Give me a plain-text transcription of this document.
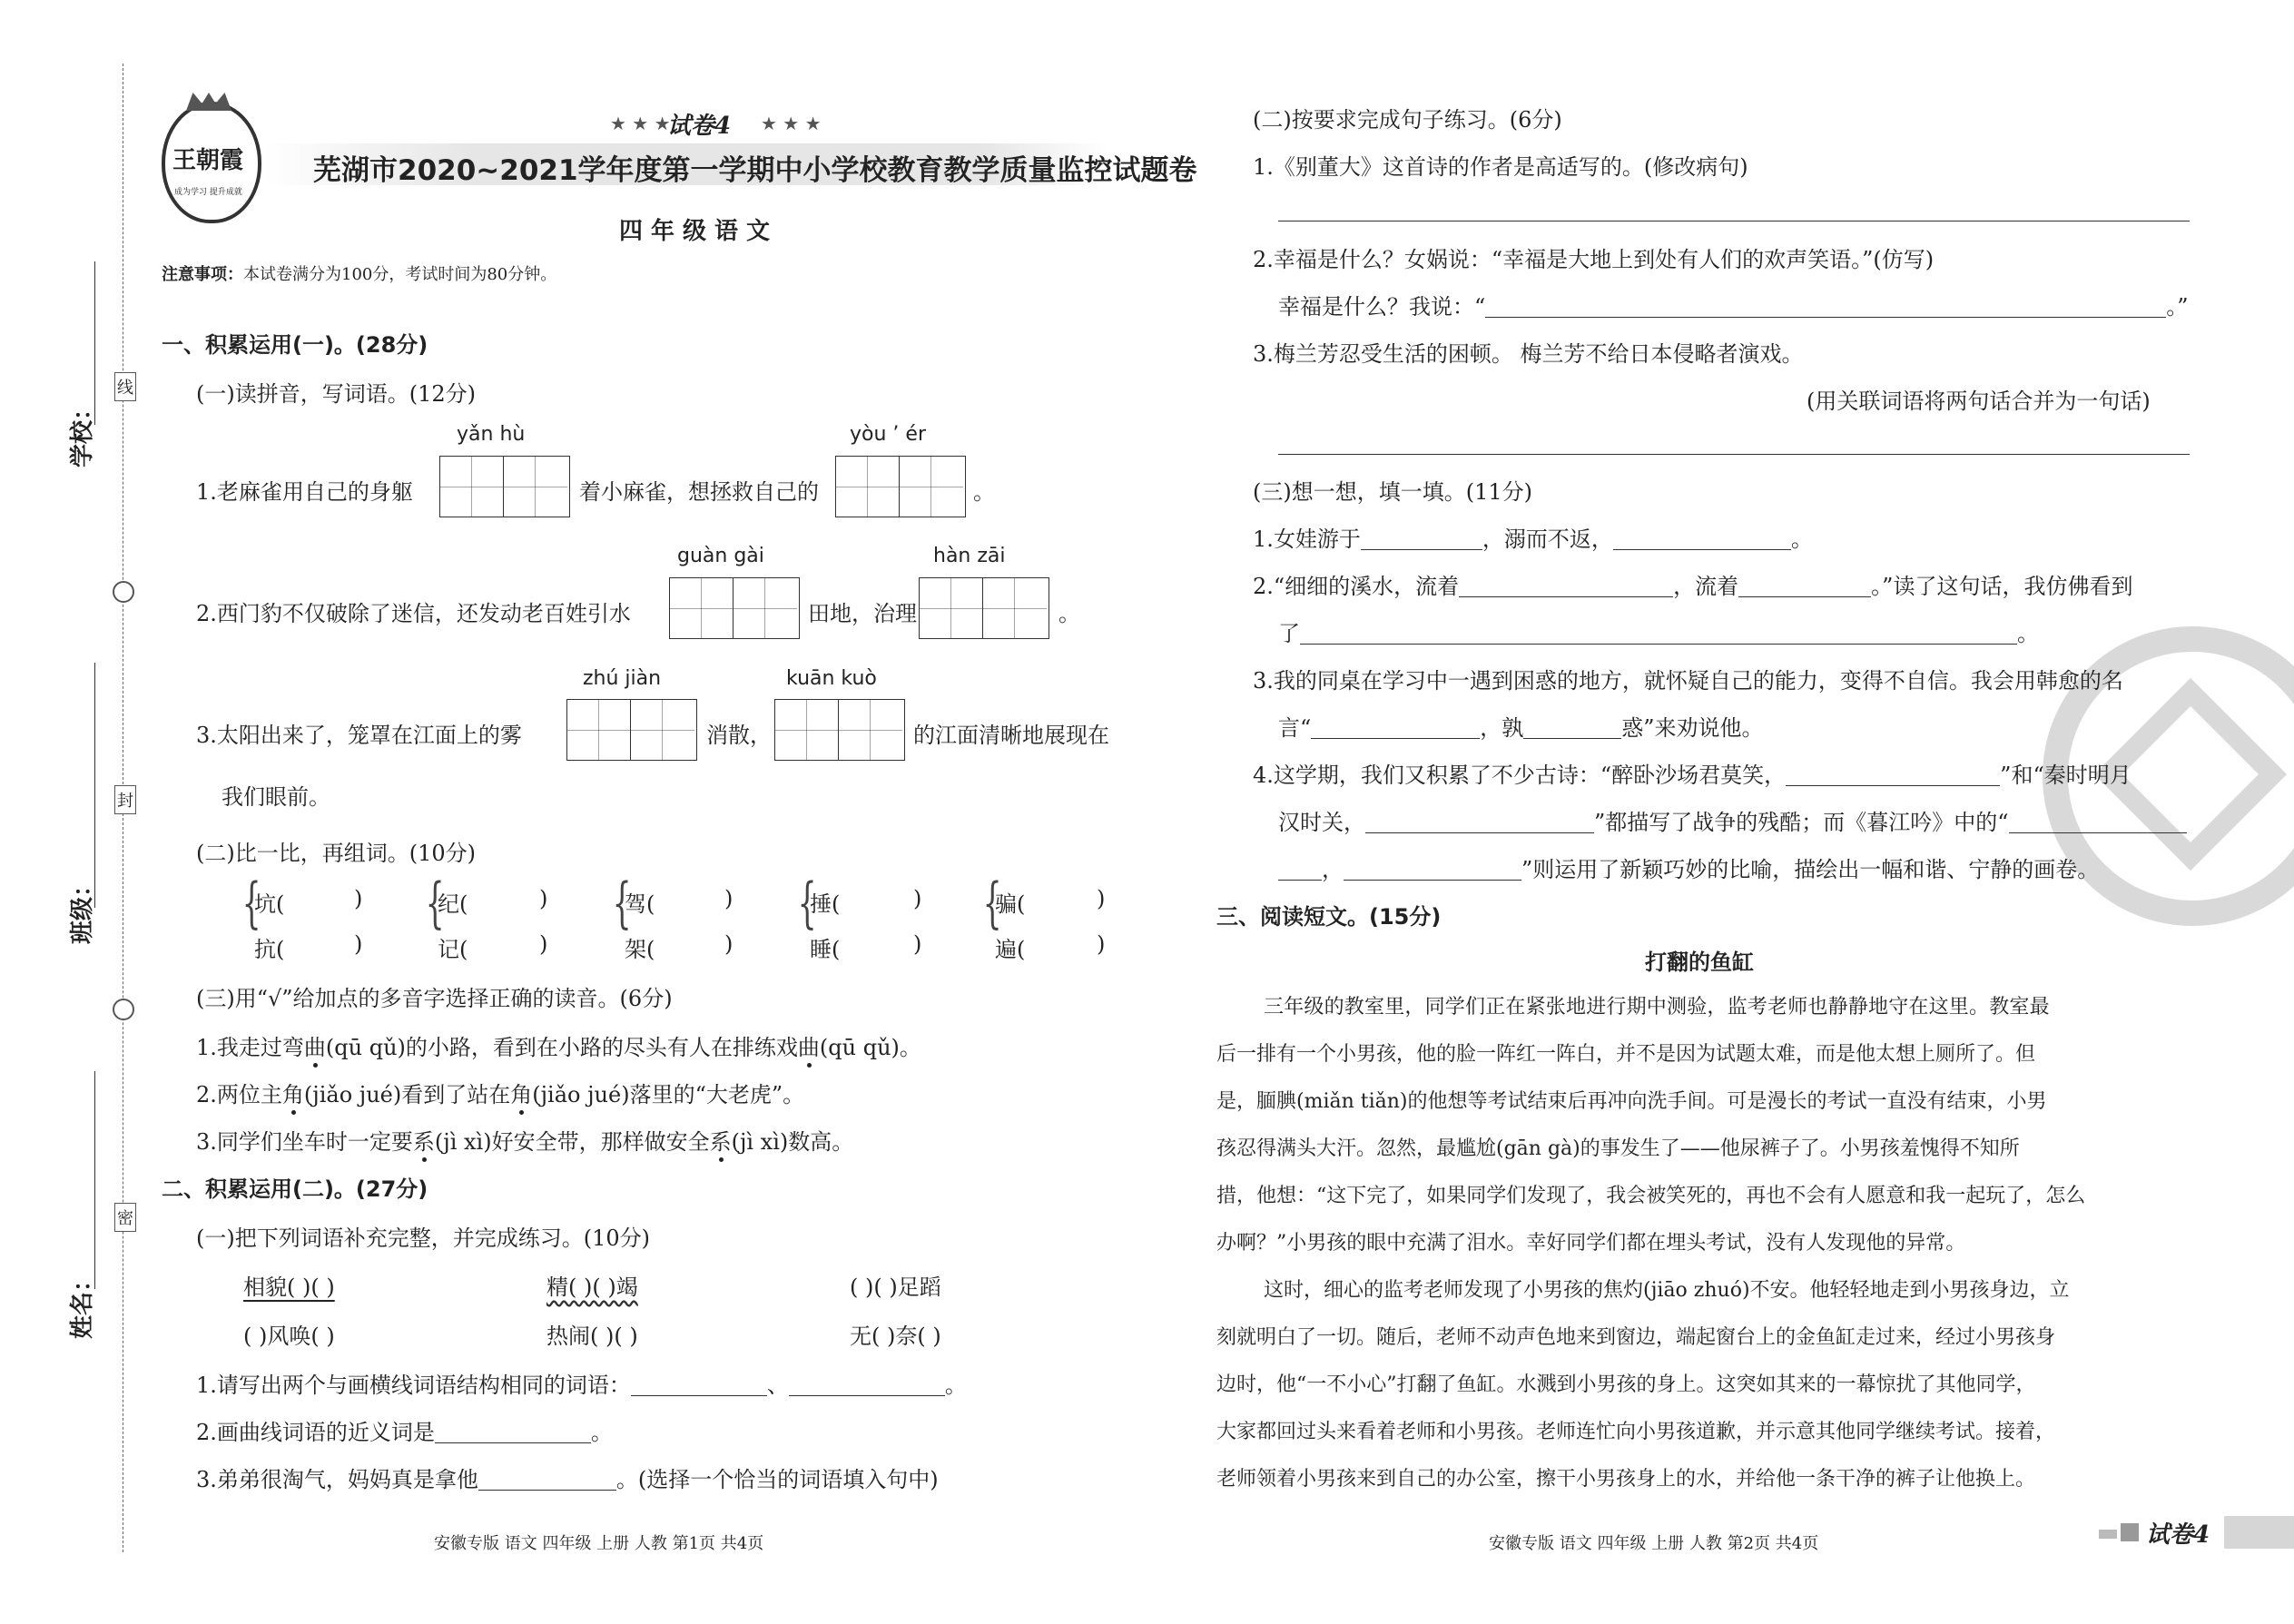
学校：
班级：
姓名：
线
封
密
王朝霞
成为学习 提升成就
★ ★ ★
试卷4 ★ ★ ★
芜湖市2020~2021学年度第一学期中小学校教育教学质量监控试题卷
四年级语文
注意事项：本试卷满分为100分，考试时间为80分钟。
一、积累运用(一)。(28分)
(一)读拼音，写词语。(12分)
1.老麻雀用自己的身躯
yǎn hù
着小麻雀，想拯救自己的
yòu ’ ér
。
2.西门豹不仅破除了迷信，还发动老百姓引水
guàn gài
田地，治理
hàn zāi
。
3.太阳出来了，笼罩在江面上的雾
zhú jiàn
消散，
kuān kuò
的江面清晰地展现在
我们眼前。
(二)比一比，再组词。(10分)
{
坑(	)
抗(	)
{
纪(	)
记(	)
{
驾(	)
架(	)
{
捶(	)
睡(	)
{
骗(	)
遍(	)
(三)用“√”给加点的多音字选择正确的读音。(6分)
1.我走过弯曲(qū qǔ)的小路，看到在小路的尽头有人在排练戏曲(qū qǔ)。
2.两位主角(jiǎo jué)看到了站在角(jiǎo jué)落里的“大老虎”。
3.同学们坐车时一定要系(jì xì)好安全带，那样做安全系(jì xì)数高。
二、积累运用(二)。(27分)
(一)把下列词语补充完整，并完成练习。(10分)
相貌( )( )	精( )( )竭	( )( )足蹈
( )风唤( )	热闹( )( )	无( )奈( )
1.请写出两个与画横线词语结构相同的词语：	、	。
2.画曲线词语的近义词是	。
3.弟弟很淘气，妈妈真是拿他	。(选择一个恰当的词语填入句中)
安徽专版 语文 四年级 上册 人教 第1页 共4页
(二)按要求完成句子练习。(6分)
1.《别董大》这首诗的作者是高适写的。(修改病句)
2.幸福是什么？女娲说：“幸福是大地上到处有人们的欢声笑语。”(仿写)
幸福是什么？我说：“	。”
3.梅兰芳忍受生活的困顿。 梅兰芳不给日本侵略者演戏。
(用关联词语将两句话合并为一句话)
(三)想一想，填一填。(11分)
1.女娃游于	，溺而不返，	。
2.“细细的溪水，流着	，流着	。”读了这句话，我仿佛看到
了	。
3.我的同桌在学习中一遇到困惑的地方，就怀疑自己的能力，变得不自信。我会用韩愈的名
言“	，孰	惑”来劝说他。
4.这学期，我们又积累了不少古诗：“醉卧沙场君莫笑，	”和“秦时明月
汉时关，	”都描写了战争的残酷；而《暮江吟》中的“
，	”则运用了新颖巧妙的比喻，描绘出一幅和谐、宁静的画卷。
三、阅读短文。(15分)
打翻的鱼缸
三年级的教室里，同学们正在紧张地进行期中测验，监考老师也静静地守在这里。教室最
后一排有一个小男孩，他的脸一阵红一阵白，并不是因为试题太难，而是他太想上厕所了。但
是，腼腆(miǎn tiǎn)的他想等考试结束后再冲向洗手间。可是漫长的考试一直没有结束，小男
孩忍得满头大汗。忽然，最尴尬(gān gà)的事发生了——他尿裤子了。小男孩羞愧得不知所
措，他想：“这下完了，如果同学们发现了，我会被笑死的，再也不会有人愿意和我一起玩了，怎么
办啊？”小男孩的眼中充满了泪水。幸好同学们都在埋头考试，没有人发现他的异常。
这时，细心的监考老师发现了小男孩的焦灼(jiāo zhuó)不安。他轻轻地走到小男孩身边，立
刻就明白了一切。随后，老师不动声色地来到窗边，端起窗台上的金鱼缸走过来，经过小男孩身
边时，他“一不小心”打翻了鱼缸。水溅到小男孩的身上。这突如其来的一幕惊扰了其他同学，
大家都回过头来看着老师和小男孩。老师连忙向小男孩道歉，并示意其他同学继续考试。接着，
老师领着小男孩来到自己的办公室，擦干小男孩身上的水，并给他一条干净的裤子让他换上。
安徽专版 语文 四年级 上册 人教 第2页 共4页	试卷4
